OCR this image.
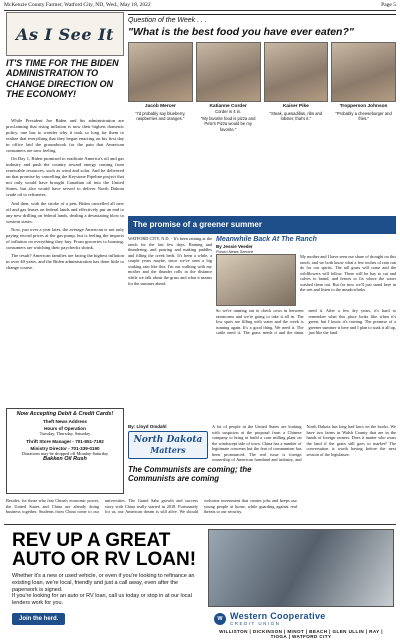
McKenzie County Farmer, Watford City, ND, Wed., May 18, 2022	Page 5
As I See It
Question of the Week . . .
"What is the best food you have ever eaten?"
Jacob Mercer
"I'd probably say blueberry, raspberries and oranges."
Katianne Corder
Corder is 4 in.
"My favorite food is pizza and Pete's Pizza would be my favorite."
Kaiser Pike
"Steak, quesadillas, ribs and lobster, that's it."
Tropperson Johnson
"Probably a cheeseburger and fries."
IT'S TIME FOR THE BIDEN ADMINISTRATION TO CHANGE DIRECTION ON THE ECONOMY!

While President Joe Biden and his administration are proclaiming that rising inflation is now their highest domestic policy, one has to wonder why it took so long for them to realize that everything that they began enacting on his first day in office laid the groundwork for the pain that American consumers are now feeling.

On Day 1, Biden promised to eradicate America's oil and gas industry and push the country toward energy coming from renewable resources, such as wind and solar. And he delivered on that promise by cancelling the Keystone Pipeline project that not only would have brought Canadian oil into the United States, but also would have served to deliver North Dakota crude oil to refineries.

And then, with the stroke of a pen, Biden cancelled all new oil and gas leases on federal lands and effectively put an end to any new drilling on federal lands, dealing a devastating blow to western states.

Now, just over a year later, the average American is not only paying record prices at the gas pump, but is feeling the impacts of inflation on everything they buy. From groceries to housing, consumers are watching their paychecks shrink.

The result? American families are facing the highest inflation in over 40 years, and the Biden administration has done little to change course.

Now Accepting Debit & Credit Cards!
Theft News Address
Hours of Operation
Tuesday, Thursday, Saturday
Thrift Store Manager - 701-851-7192
Ministry Director - 701-339-0190
Donations may be dropped off Monday-Saturday
Bakken Oil Rush
The promise of a greener summer
WATFORD CITY, N.D. - It's been raining at the ranch for the last few days. Raining and thundering, and pouring and making puddles and filling the creek beds. It's been a while, a couple years maybe, since we've seen a big soaking rain like this. I'm out walking with my mother and the thunder rolls in the distance while we talk about the grass and what it means for the summer ahead.
Meanwhile Back At The Ranch
By Jessie Veeder
Forum News Service
My mother and I have seen our share of drought on this ranch, and we both know what a few inches of rain can do for our spirits. The tall grass will come and the wildflowers will follow. There will be hay to cut and calves to brand, and fences to fix where the water washed them out. But for now we'll just stand here in the wet and listen to the meadowlarks.
So we're running out to check cows in between rainstorms and we're going to take it all in. The low spots are filling with water and the creek is running again. It's a good thing. We need it. The cattle need it. The grass needs it and the dams need it. After a few dry years, it's hard to remember what this place looks like when it's green, but I know it's coming. The promise of a greener summer is here and I plan to soak it all up, just like the land.
By: Lloyd Omdahl
North Dakota
Matters
The Communists are coming; the Communists are coming
A lot of people in the United States are looking with suspicion at the proposal from a Chinese company to bring in build a corn milling plant on the windswept side of town. China has a number of legitimate concerns but the fear of communism has been pronounced. The real issue is foreign ownership of American farmland and industry, and North Dakota has long had laws on the books. We have two farms in Walsh County that are in the hands of foreign owners. Does it matter who owns the land if the grain still goes to market? The conversation is worth having before the next session of the legislature.
Besides, for those who fear China's economic power, the United States and China are already doing business together. Students from China come to our universities. The Grand Sahr growth and success story with China really started in 2018. Fortunately for us, our American dream is still alive. We should welcome investment that creates jobs and keeps our young people at home, while guarding against real threats to our security.
REV UP A GREAT AUTO OR RV LOAN!
Whether it's a new or used vehicle, or even if you're looking to refinance an existing loan, we're local, friendly and just a call away, even after the paperwork is signed.
If you're looking for an auto or RV loan, call us today or stop in at our local lenders work for you.
Join the herd.	W Western Cooperative
CREDIT UNION
WILLISTON | DICKINSON | MINOT | BEACH | GLEN ULLIN | RAY | TIOGA | WATFORD CITY
